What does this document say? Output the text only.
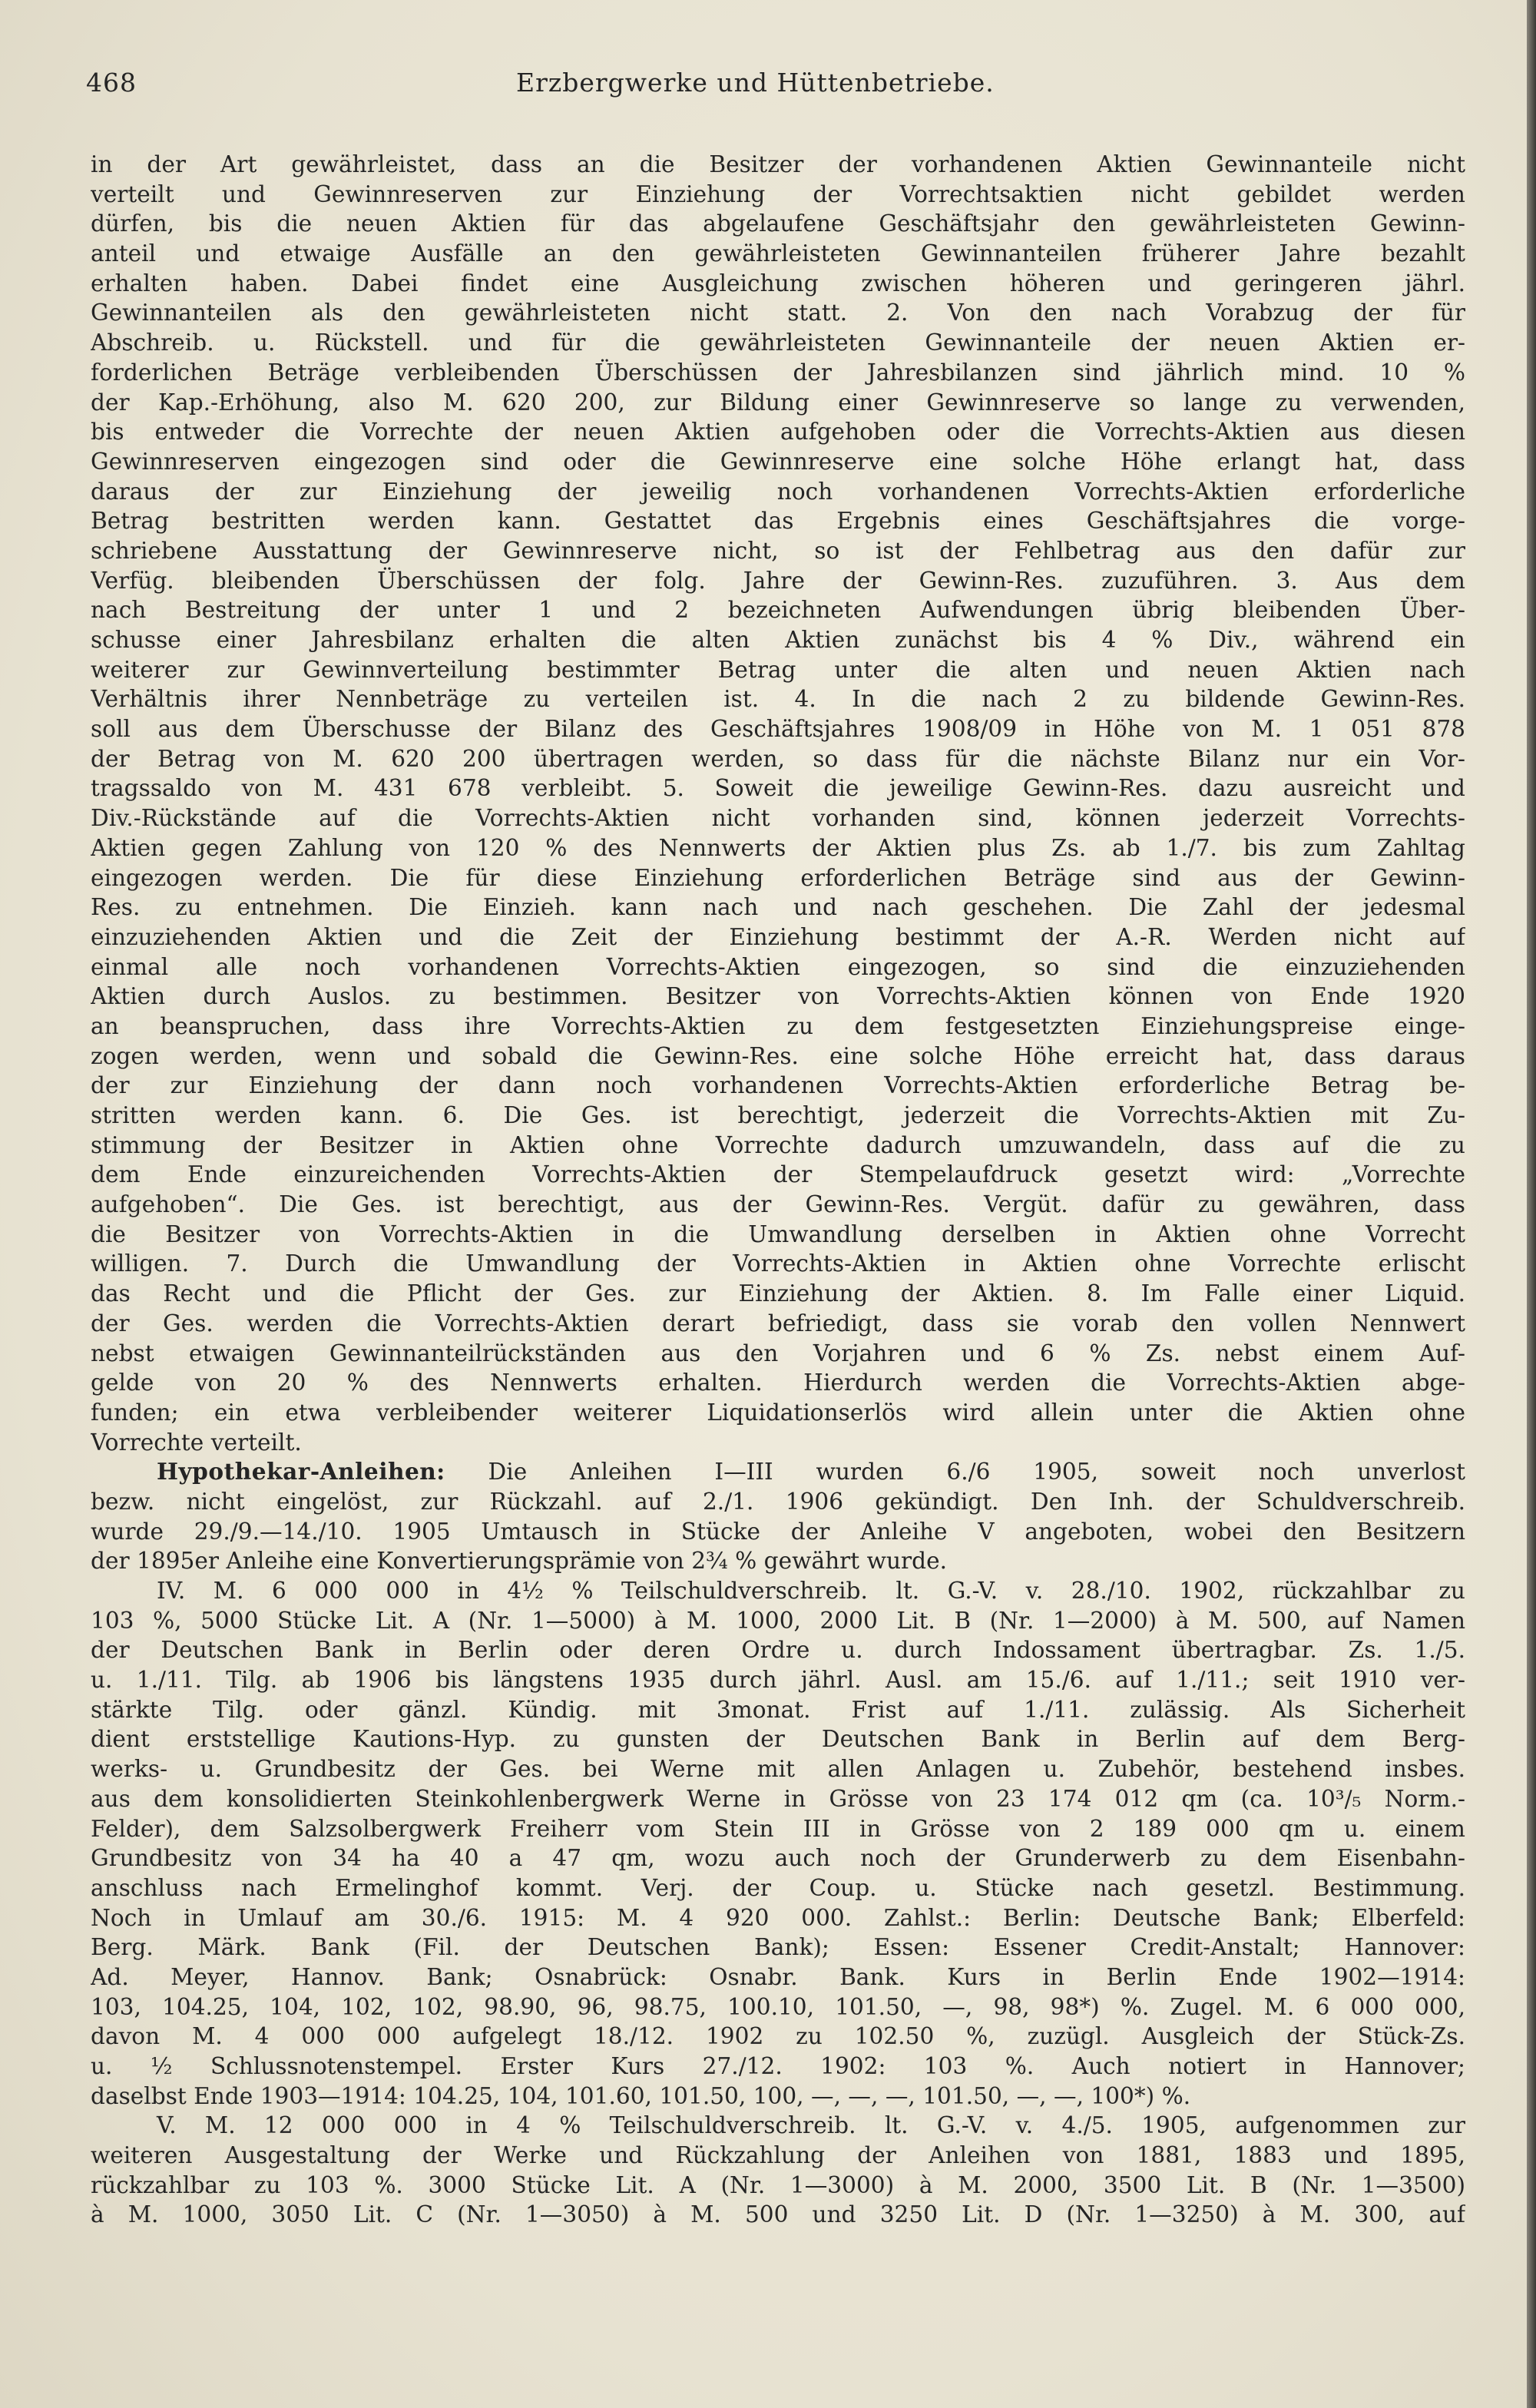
468	Erzbergwerke und Hüttenbetriebe.
in der Art gewährleistet, dass an die Besitzer der vorhandenen Aktien Gewinnanteile nicht
verteilt und Gewinnreserven zur Einziehung der Vorrechtsaktien nicht gebildet werden
dürfen, bis die neuen Aktien für das abgelaufene Geschäftsjahr den gewährleisteten Gewinn-
anteil und etwaige Ausfälle an den gewährleisteten Gewinnanteilen früherer Jahre bezahlt
erhalten haben. Dabei findet eine Ausgleichung zwischen höheren und geringeren jährl.
Gewinnanteilen als den gewährleisteten nicht statt. 2. Von den nach Vorabzug der für
Abschreib. u. Rückstell. und für die gewährleisteten Gewinnanteile der neuen Aktien er-
forderlichen Beträge verbleibenden Überschüssen der Jahresbilanzen sind jährlich mind. 10 %
der Kap.-Erhöhung, also M. 620 200, zur Bildung einer Gewinnreserve so lange zu verwenden,
bis entweder die Vorrechte der neuen Aktien aufgehoben oder die Vorrechts-Aktien aus diesen
Gewinnreserven eingezogen sind oder die Gewinnreserve eine solche Höhe erlangt hat, dass
daraus der zur Einziehung der jeweilig noch vorhandenen Vorrechts-Aktien erforderliche
Betrag bestritten werden kann. Gestattet das Ergebnis eines Geschäftsjahres die vorge-
schriebene Ausstattung der Gewinnreserve nicht, so ist der Fehlbetrag aus den dafür zur
Verfüg. bleibenden Überschüssen der folg. Jahre der Gewinn-Res. zuzuführen. 3. Aus dem
nach Bestreitung der unter 1 und 2 bezeichneten Aufwendungen übrig bleibenden Über-
schusse einer Jahresbilanz erhalten die alten Aktien zunächst bis 4 % Div., während ein
weiterer zur Gewinnverteilung bestimmter Betrag unter die alten und neuen Aktien nach
Verhältnis ihrer Nennbeträge zu verteilen ist. 4. In die nach 2 zu bildende Gewinn-Res.
soll aus dem Überschusse der Bilanz des Geschäftsjahres 1908/09 in Höhe von M. 1 051 878
der Betrag von M. 620 200 übertragen werden, so dass für die nächste Bilanz nur ein Vor-
tragssaldo von M. 431 678 verbleibt. 5. Soweit die jeweilige Gewinn-Res. dazu ausreicht und
Div.-Rückstände auf die Vorrechts-Aktien nicht vorhanden sind, können jederzeit Vorrechts-
Aktien gegen Zahlung von 120 % des Nennwerts der Aktien plus Zs. ab 1./7. bis zum Zahltag
eingezogen werden. Die für diese Einziehung erforderlichen Beträge sind aus der Gewinn-
Res. zu entnehmen. Die Einzieh. kann nach und nach geschehen. Die Zahl der jedesmal
einzuziehenden Aktien und die Zeit der Einziehung bestimmt der A.-R. Werden nicht auf
einmal alle noch vorhandenen Vorrechts-Aktien eingezogen, so sind die einzuziehenden
Aktien durch Auslos. zu bestimmen. Besitzer von Vorrechts-Aktien können von Ende 1920
an beanspruchen, dass ihre Vorrechts-Aktien zu dem festgesetzten Einziehungspreise einge-
zogen werden, wenn und sobald die Gewinn-Res. eine solche Höhe erreicht hat, dass daraus
der zur Einziehung der dann noch vorhandenen Vorrechts-Aktien erforderliche Betrag be-
stritten werden kann. 6. Die Ges. ist berechtigt, jederzeit die Vorrechts-Aktien mit Zu-
stimmung der Besitzer in Aktien ohne Vorrechte dadurch umzuwandeln, dass auf die zu
dem Ende einzureichenden Vorrechts-Aktien der Stempelaufdruck gesetzt wird: „Vorrechte
aufgehoben“. Die Ges. ist berechtigt, aus der Gewinn-Res. Vergüt. dafür zu gewähren, dass
die Besitzer von Vorrechts-Aktien in die Umwandlung derselben in Aktien ohne Vorrecht
willigen. 7. Durch die Umwandlung der Vorrechts-Aktien in Aktien ohne Vorrechte erlischt
das Recht und die Pflicht der Ges. zur Einziehung der Aktien. 8. Im Falle einer Liquid.
der Ges. werden die Vorrechts-Aktien derart befriedigt, dass sie vorab den vollen Nennwert
nebst etwaigen Gewinnanteilrückständen aus den Vorjahren und 6 % Zs. nebst einem Auf-
gelde von 20 % des Nennwerts erhalten. Hierdurch werden die Vorrechts-Aktien abge-
funden; ein etwa verbleibender weiterer Liquidationserlös wird allein unter die Aktien ohne
Vorrechte verteilt.
Hypothekar-Anleihen: Die Anleihen I—III wurden 6./6 1905, soweit noch unverlost
bezw. nicht eingelöst, zur Rückzahl. auf 2./1. 1906 gekündigt. Den Inh. der Schuldverschreib.
wurde 29./9.—14./10. 1905 Umtausch in Stücke der Anleihe V angeboten, wobei den Besitzern
der 1895er Anleihe eine Konvertierungsprämie von 2¾ % gewährt wurde.
IV. M. 6 000 000 in 4½ % Teilschuldverschreib. lt. G.-V. v. 28./10. 1902, rückzahlbar zu
103 %, 5000 Stücke Lit. A (Nr. 1—5000) à M. 1000, 2000 Lit. B (Nr. 1—2000) à M. 500, auf Namen
der Deutschen Bank in Berlin oder deren Ordre u. durch Indossament übertragbar. Zs. 1./5.
u. 1./11. Tilg. ab 1906 bis längstens 1935 durch jährl. Ausl. am 15./6. auf 1./11.; seit 1910 ver-
stärkte Tilg. oder gänzl. Kündig. mit 3monat. Frist auf 1./11. zulässig. Als Sicherheit
dient erststellige Kautions-Hyp. zu gunsten der Deutschen Bank in Berlin auf dem Berg-
werks- u. Grundbesitz der Ges. bei Werne mit allen Anlagen u. Zubehör, bestehend insbes.
aus dem konsolidierten Steinkohlenbergwerk Werne in Grösse von 23 174 012 qm (ca. 10³/₅ Norm.-
Felder), dem Salzsolbergwerk Freiherr vom Stein III in Grösse von 2 189 000 qm u. einem
Grundbesitz von 34 ha 40 a 47 qm, wozu auch noch der Grunderwerb zu dem Eisenbahn-
anschluss nach Ermelinghof kommt. Verj. der Coup. u. Stücke nach gesetzl. Bestimmung.
Noch in Umlauf am 30./6. 1915: M. 4 920 000. Zahlst.: Berlin: Deutsche Bank; Elberfeld:
Berg. Märk. Bank (Fil. der Deutschen Bank); Essen: Essener Credit-Anstalt; Hannover:
Ad. Meyer, Hannov. Bank; Osnabrück: Osnabr. Bank. Kurs in Berlin Ende 1902—1914:
103, 104.25, 104, 102, 102, 98.90, 96, 98.75, 100.10, 101.50, —, 98, 98*) %. Zugel. M. 6 000 000,
davon M. 4 000 000 aufgelegt 18./12. 1902 zu 102.50 %, zuzügl. Ausgleich der Stück-Zs.
u. ½ Schlussnotenstempel. Erster Kurs 27./12. 1902: 103 %. Auch notiert in Hannover;
daselbst Ende 1903—1914: 104.25, 104, 101.60, 101.50, 100, —, —, —, 101.50, —, —, 100*) %.
V. M. 12 000 000 in 4 % Teilschuldverschreib. lt. G.-V. v. 4./5. 1905, aufgenommen zur
weiteren Ausgestaltung der Werke und Rückzahlung der Anleihen von 1881, 1883 und 1895,
rückzahlbar zu 103 %. 3000 Stücke Lit. A (Nr. 1—3000) à M. 2000, 3500 Lit. B (Nr. 1—3500)
à M. 1000, 3050 Lit. C (Nr. 1—3050) à M. 500 und 3250 Lit. D (Nr. 1—3250) à M. 300, auf
